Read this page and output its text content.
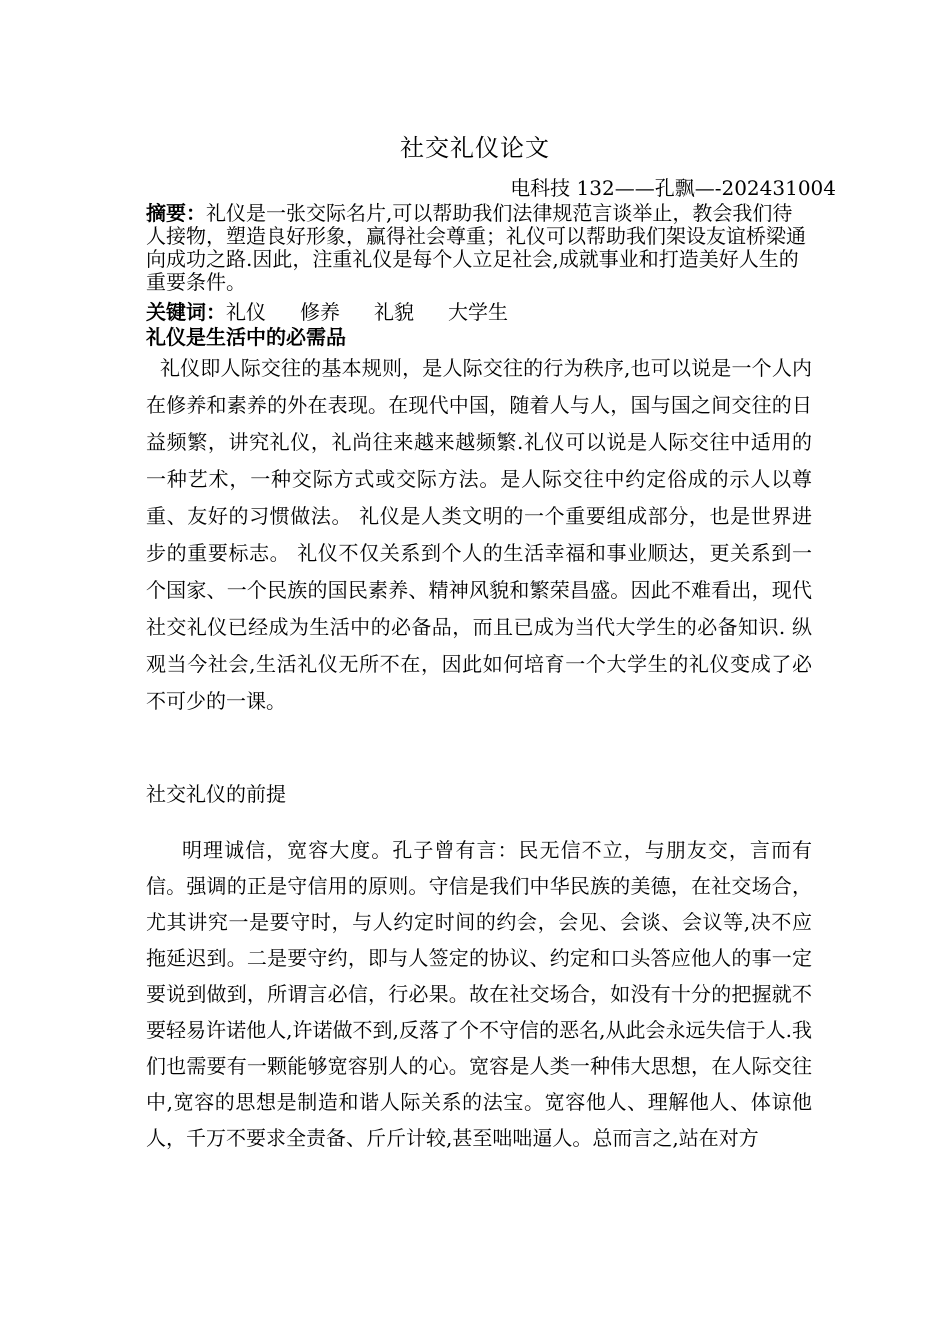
社交礼仪论文
电科技 132——孔飘—-202431004
摘要：礼仪是一张交际名片,可以帮助我们法律规范言谈举止，教会我们待人接物，塑造良好形象，赢得社会尊重；礼仪可以帮助我们架设友谊桥梁通向成功之路.因此，注重礼仪是每个人立足社会,成就事业和打造美好人生的重要条件。
关键词：礼仪 修养 礼貌 大学生
礼仪是生活中的必需品
礼仪即人际交往的基本规则，是人际交往的行为秩序,也可以说是一个人内在修养和素养的外在表现。在现代中国，随着人与人，国与国之间交往的日益频繁，讲究礼仪，礼尚往来越来越频繁.礼仪可以说是人际交往中适用的一种艺术，一种交际方式或交际方法。是人际交往中约定俗成的示人以尊重、友好的习惯做法。 礼仪是人类文明的一个重要组成部分，也是世界进步的重要标志。 礼仪不仅关系到个人的生活幸福和事业顺达，更关系到一个国家、一个民族的国民素养、精神风貌和繁荣昌盛。因此不难看出，现代社交礼仪已经成为生活中的必备品，而且已成为当代大学生的必备知识. 纵观当今社会,生活礼仪无所不在，因此如何培育一个大学生的礼仪变成了必不可少的一课。
社交礼仪的前提
明理诚信，宽容大度。孔子曾有言：民无信不立，与朋友交，言而有信。强调的正是守信用的原则。守信是我们中华民族的美德，在社交场合，尤其讲究一是要守时，与人约定时间的约会，会见、会谈、会议等,决不应拖延迟到。二是要守约，即与人签定的协议、约定和口头答应他人的事一定要说到做到，所谓言必信，行必果。故在社交场合，如没有十分的把握就不要轻易许诺他人,许诺做不到,反落了个不守信的恶名,从此会永远失信于人.我们也需要有一颗能够宽容别人的心。宽容是人类一种伟大思想，在人际交往中,宽容的思想是制造和谐人际关系的法宝。宽容他人、理解他人、体谅他人，千万不要求全责备、斤斤计较,甚至咄咄逼人。总而言之,站在对方
